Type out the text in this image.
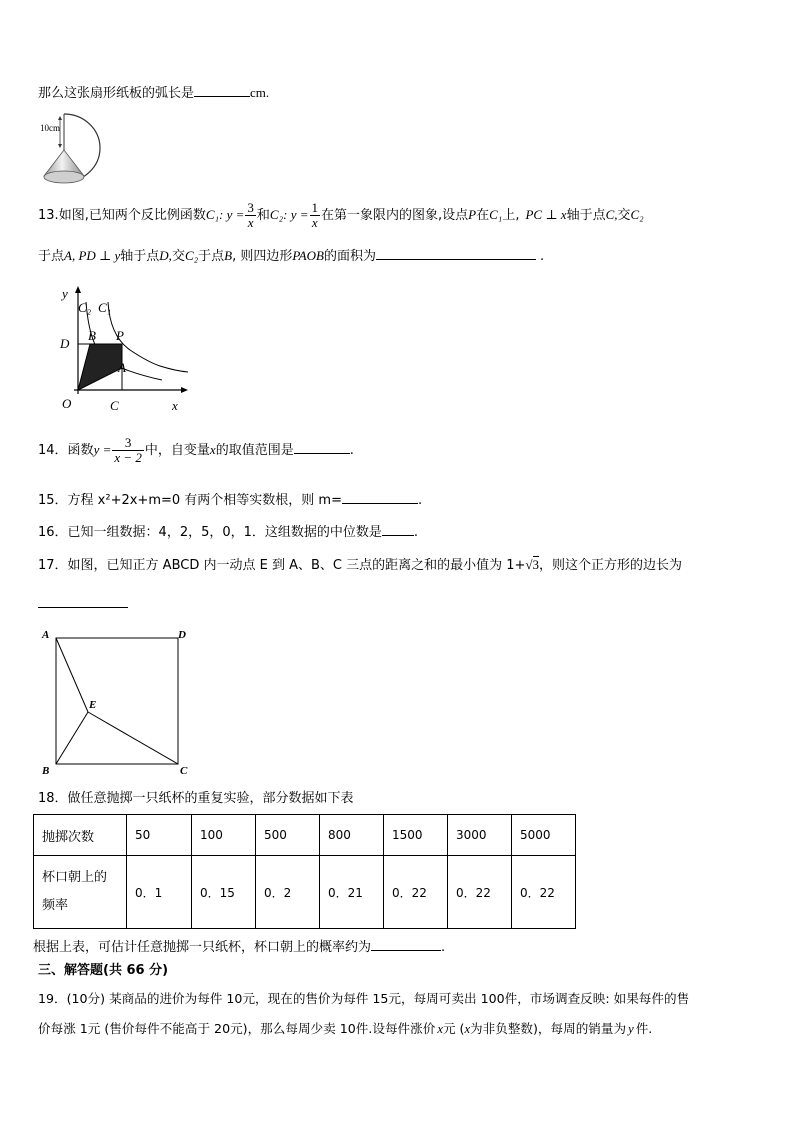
那么这张扇形纸板的弧长是	cm.
10cm
13.如图,已知两个反比例函数C₁: $y = \frac{3}{x}$ 和C₂: $y = \frac{1}{x}$ 在第一象限内的图象,设点P在C₁上, PC ⊥ x轴于点C,交C₂
于点A, PD ⊥ y轴于点D,交C₂于点B, 则四边形PAOB的面积为	.
y
C₂ C₁
D
B P
A
O	C	x
14．函数$y = \frac{3}{x - 2}$ 中，自变量x的取值范围是	.
15．方程 x²+2x+m=0 有两个相等实数根，则 m=	.
16．已知一组数据：4，2，5，0，1．这组数据的中位数是 .
17．如图，已知正方 ABCD 内一动点 E 到 A、B、C 三点的距离之和的最小值为 1+√3，则这个正方形的边长为
A	D
E
B	C
18．做任意抛掷一只纸杯的重复实验，部分数据如下表
抛掷次数	50	100	500	800	1500	3000	5000
杯口朝上的
频率	0．1	0．15	0．2	0．21	0．22	0．22	0．22
根据上表，可估计任意抛掷一只纸杯，杯口朝上的概率约为	.
三、解答题(共 66 分)
19．(10分) 某商品的进价为每件 10元，现在的售价为每件 15元，每周可卖出 100件，市场调查反映: 如果每件的售
价每涨 1元 (售价每件不能高于 20元)，那么每周少卖 10件.设每件涨价 x元 (x为非负整数)，每周的销量为 y 件.
